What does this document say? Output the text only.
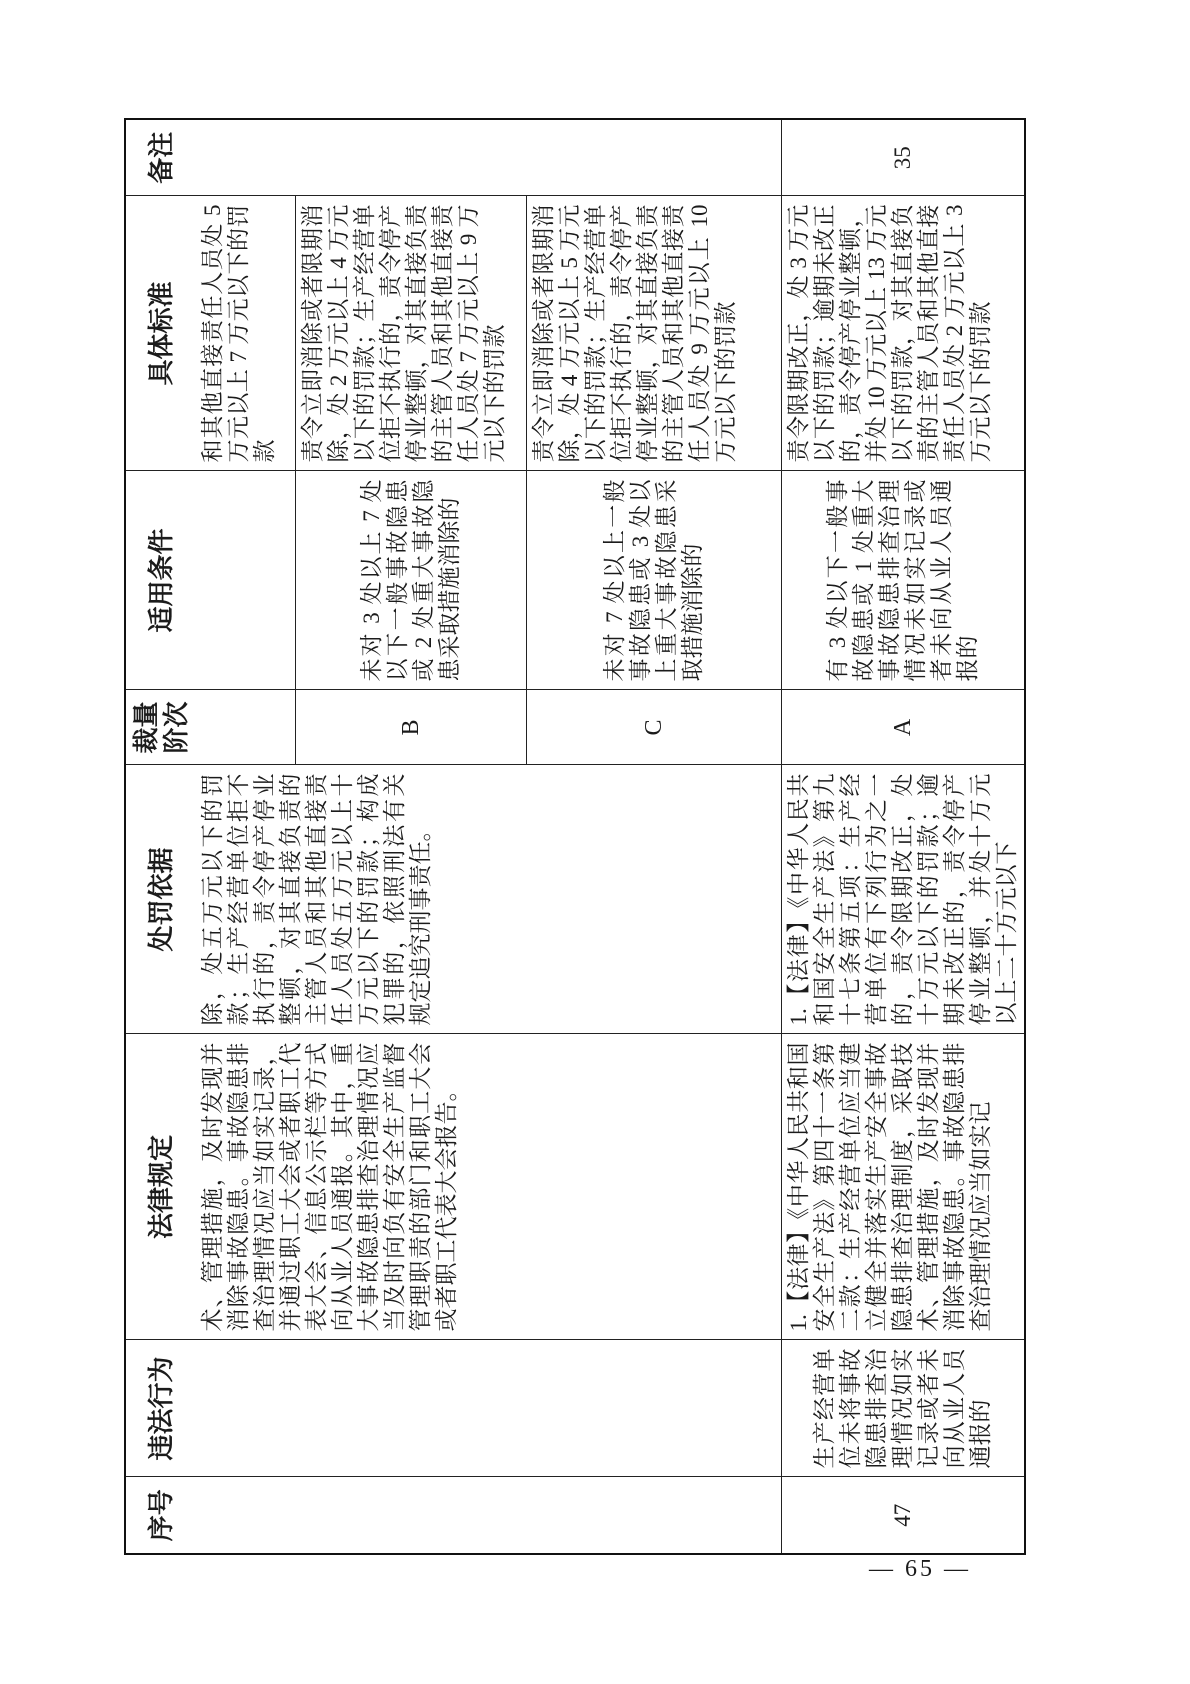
序号	违法行为	法律规定	处罚依据	裁量阶次	适用条件	具体标准	备注
		术、管理措施，及时发现并消除事故隐患。事故隐患排查治理情况应当如实记录，并通过职工大会或者职工代表大会、信息公示栏等方式向从业人员通报。其中，重大事故隐患排查治理情况应当及时向负有安全生产监督管理职责的部门和职工大会或者职工代表大会报告。	除，处五万元以下的罚款；生产经营单位拒不执行的，责令停产停业整顿，对其直接负责的主管人员和其他直接责任人员处五万元以上十万元以下的罚款；构成犯罪的，依照刑法有关规定追究刑事责任。			和其他直接责任人员处 5 万元以上 7 万元以下的罚款	
				B	未对 3 处以上 7 处以下一般事故隐患或 2 处重大事故隐患采取措施消除的	责令立即消除或者限期消除，处 2 万元以上 4 万元以下的罚款；生产经营单位拒不执行的，责令停产停业整顿，对其直接负责的主管人员和其他直接责任人员处 7 万元以上 9 万元以下的罚款	
				C	未对 7 处以上一般事故隐患或 3 处以上重大事故隐患采取措施消除的	责令立即消除或者限期消除，处 4 万元以上 5 万元以下的罚款；生产经营单位拒不执行的，责令停产停业整顿，对其直接负责的主管人员和其他直接责任人员处 9 万元以上 10 万元以下的罚款	
47	生产经营单位未将事故隐患排查治理情况如实记录或者未向从业人员通报的	1.【法律】《中华人民共和国安全生产法》第四十一条第二款：生产经营单位应当建立健全并落实生产安全事故隐患排查治理制度，采取技术、管理措施，及时发现并消除事故隐患。事故隐患排查治理情况应当如实记	1.【法律】《中华人民共和国安全生产法》第九十七条第五项：生产经营单位有下列行为之一的，责令限期改正，处十万元以下的罚款；逾期未改正的，责令停产停业整顿，并处十万元以上二十万元以下	A	有 3 处以下一般事故隐患或 1 处重大事故隐患排查治理情况未如实记录或者未向从业人员通报的	责令限期改正，处 3 万元以下的罚款；逾期未改正的，责令停产停业整顿，并处 10 万元以上 13 万元以下的罚款，对其直接负责的主管人员和其他直接责任人员处 2 万元以上 3 万元以下的罚款	35
— 65 —
